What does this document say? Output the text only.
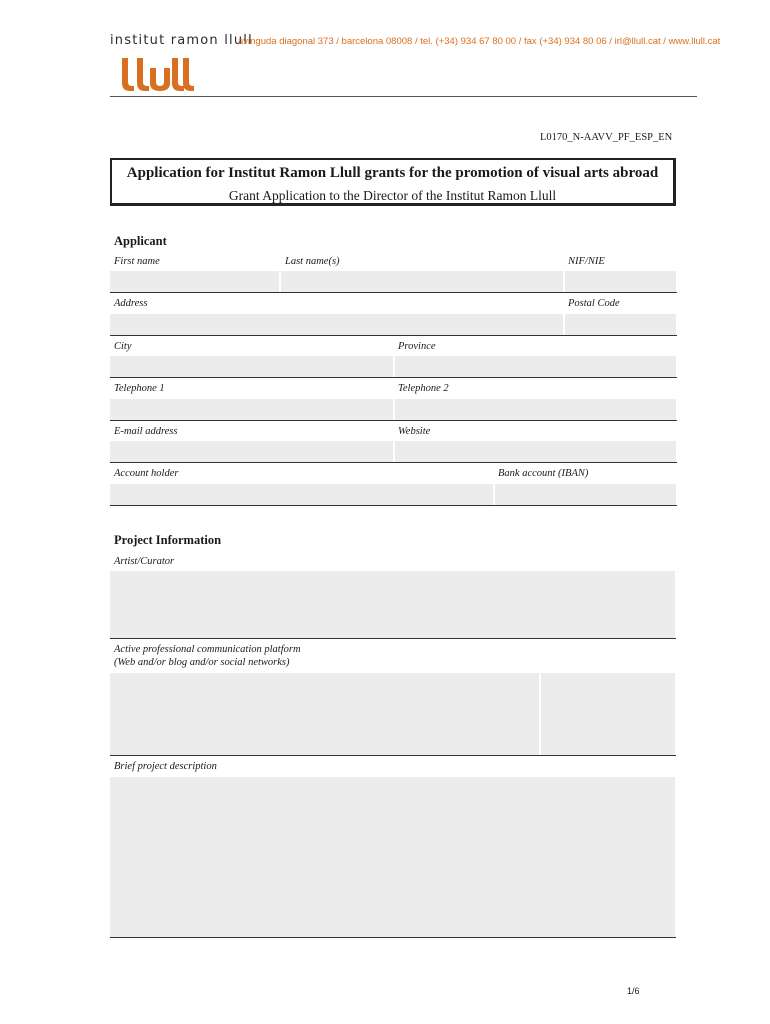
institut ramon llull
avinguda diagonal 373 / barcelona 08008 / tel. (+34) 934 67 80 00 / fax (+34) 934 80 06 / irl@llull.cat / www.llull.cat
L0170_N-AAVV_PF_ESP_EN
Application for Institut Ramon Llull grants for the promotion of visual arts abroad
Grant Application to the Director of the Institut Ramon Llull
Applicant
First name	Last name(s)	NIF/NIE
Address	Postal Code
City	Province
Telephone 1	Telephone 2
E-mail address	Website
Account holder	Bank account (IBAN)
Project Information
Artist/Curator
Active professional communication platform
(Web and/or blog and/or social networks)
Brief project description
1/6
